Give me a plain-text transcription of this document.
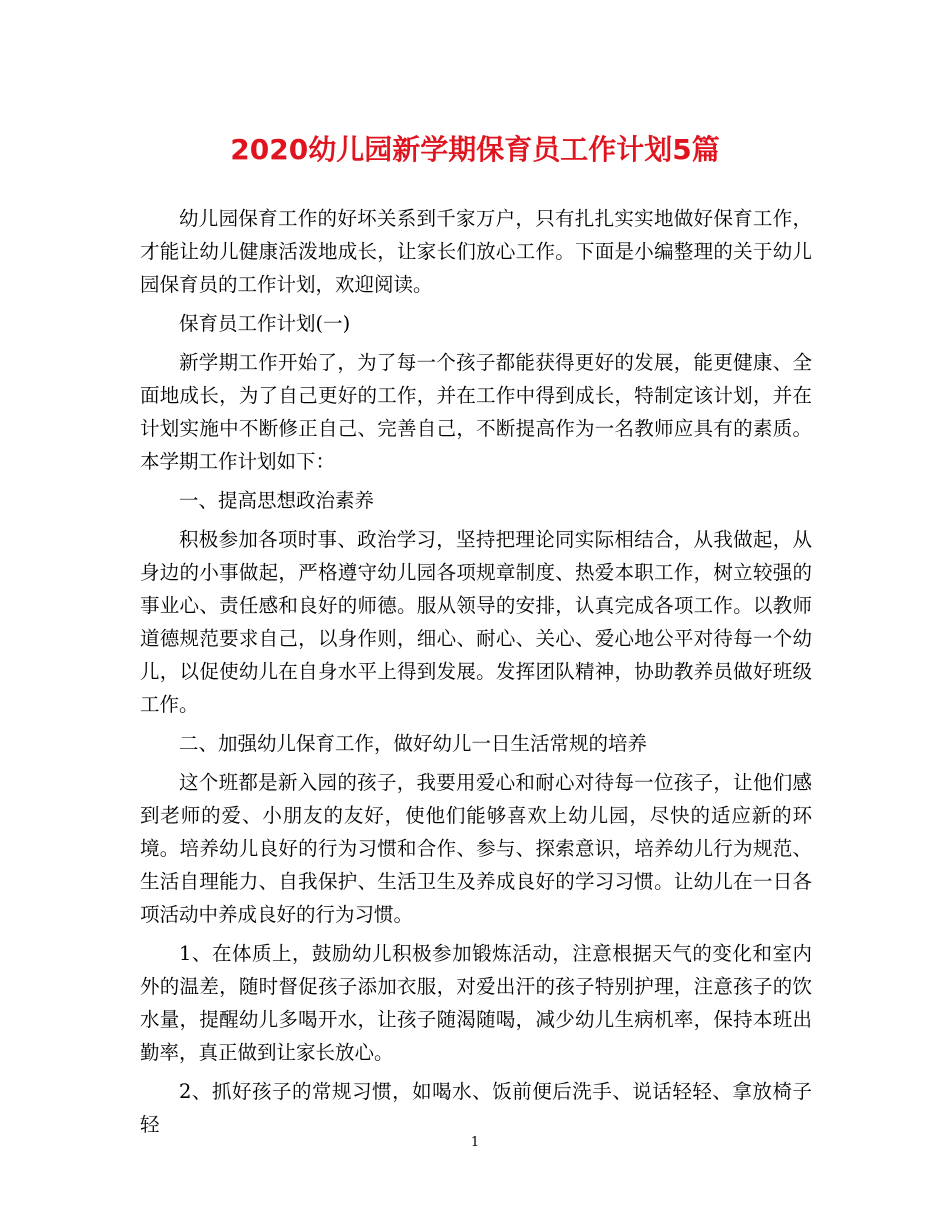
2020幼儿园新学期保育员工作计划5篇

幼儿园保育工作的好坏关系到千家万户，只有扎扎实实地做好保育工作，才能让幼儿健康活泼地成长，让家长们放心工作。下面是小编整理的关于幼儿园保育员的工作计划，欢迎阅读。

保育员工作计划(一)

新学期工作开始了，为了每一个孩子都能获得更好的发展，能更健康、全面地成长，为了自己更好的工作，并在工作中得到成长，特制定该计划，并在计划实施中不断修正自己、完善自己，不断提高作为一名教师应具有的素质。本学期工作计划如下：

一、提高思想政治素养

积极参加各项时事、政治学习，坚持把理论同实际相结合，从我做起，从身边的小事做起，严格遵守幼儿园各项规章制度、热爱本职工作，树立较强的事业心、责任感和良好的师德。服从领导的安排，认真完成各项工作。以教师道德规范要求自己，以身作则，细心、耐心、关心、爱心地公平对待每一个幼儿，以促使幼儿在自身水平上得到发展。发挥团队精神，协助教养员做好班级工作。

二、加强幼儿保育工作，做好幼儿一日生活常规的培养

这个班都是新入园的孩子，我要用爱心和耐心对待每一位孩子，让他们感到老师的爱、小朋友的友好，使他们能够喜欢上幼儿园，尽快的适应新的环境。培养幼儿良好的行为习惯和合作、参与、探索意识，培养幼儿行为规范、生活自理能力、自我保护、生活卫生及养成良好的学习习惯。让幼儿在一日各项活动中养成良好的行为习惯。

1、在体质上，鼓励幼儿积极参加锻炼活动，注意根据天气的变化和室内外的温差，随时督促孩子添加衣服，对爱出汗的孩子特别护理，注意孩子的饮水量，提醒幼儿多喝开水，让孩子随渴随喝，减少幼儿生病机率，保持本班出勤率，真正做到让家长放心。

2、抓好孩子的常规习惯，如喝水、饭前便后洗手、说话轻轻、拿放椅子轻

1
